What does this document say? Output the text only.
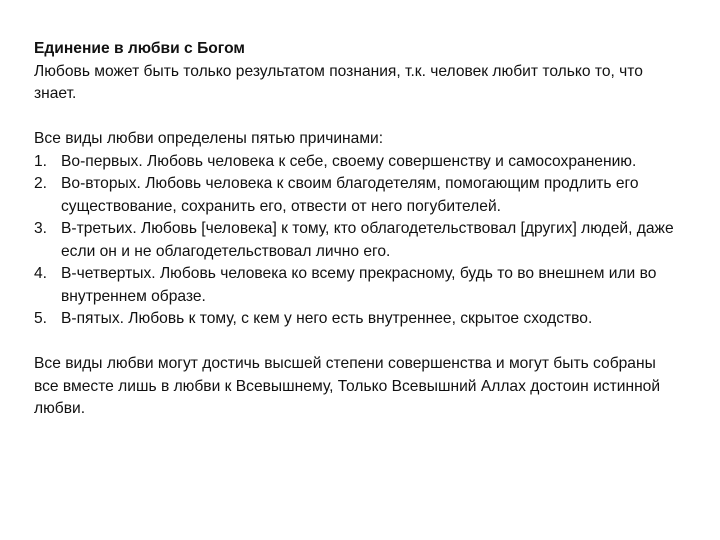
Единение в любви с Богом

Любовь может быть только результатом познания, т.к. человек любит только то, что знает.

Все виды любви определены пятью причинами:

1. Во-первых. Любовь человека к себе, своему совершенству и самосохранению.
2. Во-вторых. Любовь человека к своим благодетелям, помогающим продлить его существование, сохранить его, отвести от него погубителей.
3. В-третьих. Любовь [человека] к тому, кто облагодетельствовал [других] людей, даже если он и не облагодетельствовал лично его.
4. В-четвертых. Любовь человека ко всему прекрасному, будь то во внешнем или во внутреннем образе.
5. В-пятых. Любовь к тому, с кем у него есть внутреннее, скрытое сходство.

Все виды любви могут достичь высшей степени совершенства и могут быть собраны все вместе лишь в любви к Всевышнему, Только Всевышний Аллах достоин истинной любви.
